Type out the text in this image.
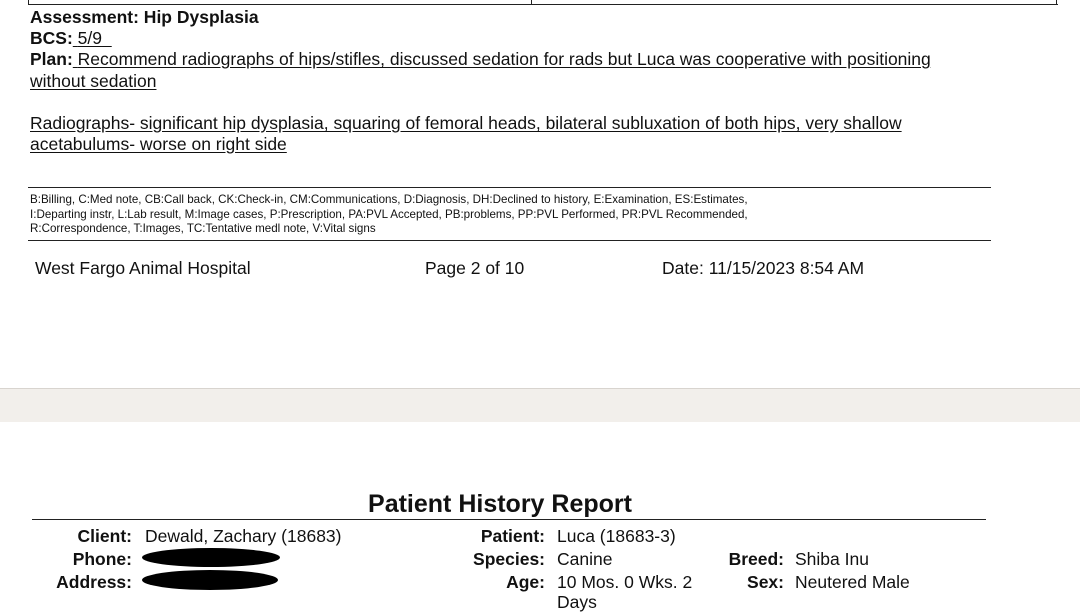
Assessment: Hip Dysplasia
BCS: 5/9
Plan: Recommend radiographs of hips/stifles, discussed sedation for rads but Luca was cooperative with positioning
without sedation
Radiographs- significant hip dysplasia, squaring of femoral heads, bilateral subluxation of both hips, very shallow
acetabulums- worse on right side
B:Billing, C:Med note, CB:Call back, CK:Check-in, CM:Communications, D:Diagnosis, DH:Declined to history, E:Examination, ES:Estimates,
I:Departing instr, L:Lab result, M:Image cases, P:Prescription, PA:PVL Accepted, PB:problems, PP:PVL Performed, PR:PVL Recommended,
R:Correspondence, T:Images, TC:Tentative medl note, V:Vital signs
West Fargo Animal Hospital	Page 2 of 10	Date: 11/15/2023 8:54 AM
Patient History Report
Client: Dewald, Zachary (18683)
Phone:
Address:
Patient: Luca (18683-3)
Species: Canine
Age: 10 Mos. 0 Wks. 2
Days
Breed: Shiba Inu
Sex: Neutered Male
